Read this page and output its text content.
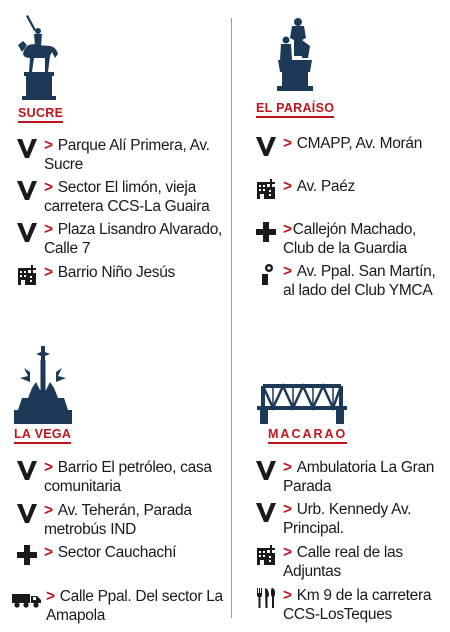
SUCRE
> Parque Alí Primera, Av. Sucre
> Sector El limón, vieja carretera CCS-La Guaira
> Plaza Lisandro Alvarado, Calle 7
> Barrio Niño Jesús
EL PARAÍSO
> CMAPP, Av. Morán
> Av. Paéz
>Callejón Machado, Club de la Guardia
> Av. Ppal. San Martín, al lado del Club YMCA
LA VEGA
> Barrio El petróleo, casa comunitaria
> Av. Teherán, Parada metrobús IND
> Sector Cauchachí
> Calle Ppal. Del sector La Amapola
MACARAO
> Ambulatoria La Gran Parada
> Urb. Kennedy Av. Principal.
> Calle real de las Adjuntas
> Km 9 de la carretera CCS-LosTeques
